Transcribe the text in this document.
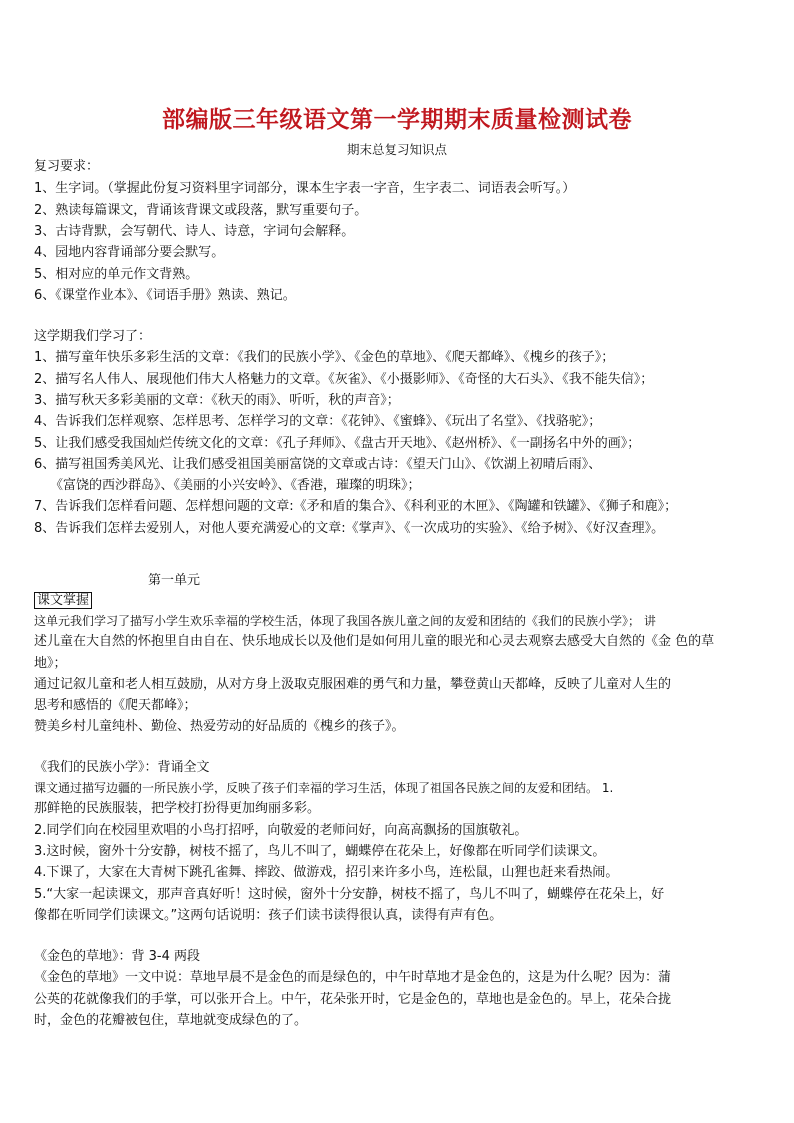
部编版三年级语文第一学期期末质量检测试卷
期末总复习知识点
复习要求：
1、生字词。（掌握此份复习资料里字词部分，课本生字表一字音，生字表二、词语表会听写。）
2、熟读每篇课文，背诵该背课文或段落，默写重要句子。
3、古诗背默，会写朝代、诗人、诗意，字词句会解释。
4、园地内容背诵部分要会默写。
5、相对应的单元作文背熟。
6、《课堂作业本》、《词语手册》熟读、熟记。
这学期我们学习了：
1、描写童年快乐多彩生活的文章：《我们的民族小学》、《金色的草地》、《爬天都峰》、《槐乡的孩子》；
2、描写名人伟人、展现他们伟大人格魅力的文章。《灰雀》、《小摄影师》、《奇怪的大石头》、《我不能失信》；
3、描写秋天多彩美丽的文章：《秋天的雨》、听听，秋的声音》；
4、告诉我们怎样观察、怎样思考、怎样学习的文章：《花钟》、《蜜蜂》、《玩出了名堂》、《找骆驼》；
5、让我们感受我国灿烂传统文化的文章：《孔子拜师》、《盘古开天地》、《赵州桥》、《一副扬名中外的画》；
6、描写祖国秀美风光、让我们感受祖国美丽富饶的文章或古诗：《望天门山》、《饮湖上初晴后雨》、
《富饶的西沙群岛》、《美丽的小兴安岭》、《香港，璀璨的明珠》；
7、告诉我们怎样看问题、怎样想问题的文章:《矛和盾的集合》、《科利亚的木匣》、《陶罐和铁罐》、《狮子和鹿》；
8、告诉我们怎样去爱别人，对他人要充满爱心的文章:《掌声》、《一次成功的实验》、《给予树》、《好汉查理》。
第一单元
课文掌握
这单元我们学习了描写小学生欢乐幸福的学校生活，体现了我国各族儿童之间的友爱和团结的《我们的民族小学》； 讲
述儿童在大自然的怀抱里自由自在、快乐地成长以及他们是如何用儿童的眼光和心灵去观察去感受大自然的《金 色的草
地》；
通过记叙儿童和老人相互鼓励，从对方身上汲取克服困难的勇气和力量，攀登黄山天都峰，反映了儿童对人生的
思考和感悟的《爬天都峰》；
赞美乡村儿童纯朴、勤俭、热爱劳动的好品质的《槐乡的孩子》。
《我们的民族小学》：背诵全文
课文通过描写边疆的一所民族小学，反映了孩子们幸福的学习生活，体现了祖国各民族之间的友爱和团结。 1.
那鲜艳的民族服装，把学校打扮得更加绚丽多彩。
2.同学们向在校园里欢唱的小鸟打招呼，向敬爱的老师问好，向高高飘扬的国旗敬礼。
3.这时候，窗外十分安静，树枝不摇了，鸟儿不叫了，蝴蝶停在花朵上，好像都在听同学们读课文。
4.下课了，大家在大青树下跳孔雀舞、摔跤、做游戏，招引来许多小鸟，连松鼠，山狸也赶来看热闹。
5.“大家一起读课文，那声音真好听！这时候，窗外十分安静，树枝不摇了，鸟儿不叫了，蝴蝶停在花朵上，好
像都在听同学们读课文。”这两句话说明：孩子们读书读得很认真，读得有声有色。
《金色的草地》：背 3-4 两段
《金色的草地》一文中说：草地早晨不是金色的而是绿色的，中午时草地才是金色的，这是为什么呢？因为：蒲
公英的花就像我们的手掌，可以张开合上。中午，花朵张开时，它是金色的，草地也是金色的。早上，花朵合拢
时，金色的花瓣被包住，草地就变成绿色的了。
